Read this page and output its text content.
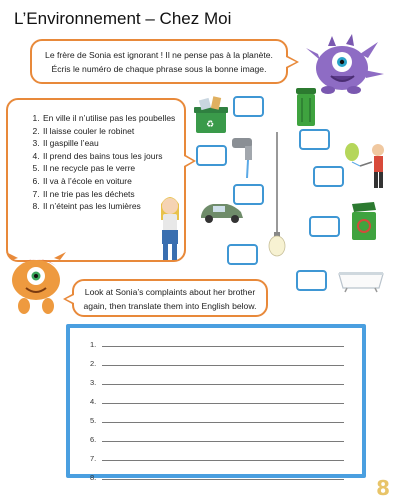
L’Environnement – Chez Moi
Le frère de Sonia est ignorant ! Il ne pense pas à la planète.
Écris le numéro de chaque phrase sous la bonne image.
1. En ville il n’utilise pas les poubelles
2. Il laisse couler le robinet
3. Il gaspille l’eau
4. Il prend des bains tous les jours
5. Il ne recycle pas le verre
6. Il va à l’école en voiture
7. Il ne trie pas les déchets
8. Il n’éteint pas les lumières
♻
Look at Sonia’s complaints about her brother
again, then translate them into English below.
1.
2.
3.
4.
5.
6.
7.
8.	8
